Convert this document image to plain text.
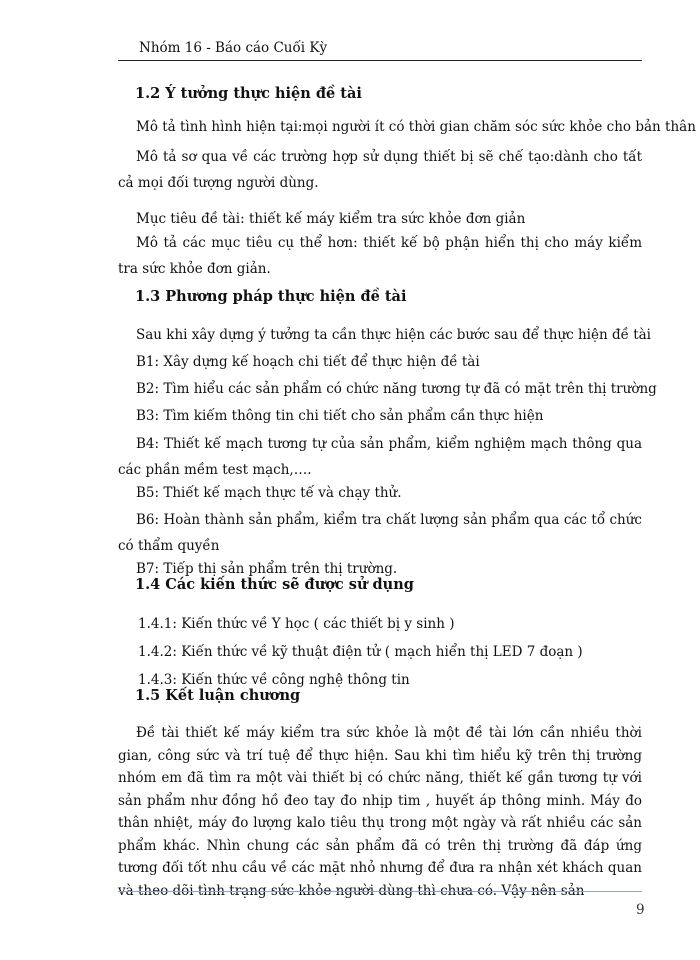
Nhóm 16 - Báo cáo Cuối Kỳ
1.2 Ý tưởng thực hiện đề tài
Mô tả tình hình hiện tại:mọi người ít có thời gian chăm sóc sức khỏe cho bản thân
Mô tả sơ qua về các trường hợp sử dụng thiết bị sẽ chế tạo:dành cho tất cả mọi đối tượng người dùng.
Mục tiêu đề tài: thiết kế máy kiểm tra sức khỏe đơn giản
Mô tả các mục tiêu cụ thể hơn: thiết kế bộ phận hiển thị cho máy kiểm tra sức khỏe đơn giản.
1.3 Phương pháp thực hiện đề tài
Sau khi xây dựng ý tưởng ta cần thực hiện các bước sau để thực hiện đề tài
B1: Xây dựng kế hoạch chi tiết để thực hiện đề tài
B2: Tìm hiểu các sản phẩm có chức năng tương tự đã có mặt trên thị trường
B3: Tìm kiếm thông tin chi tiết cho sản phẩm cần thực hiện
B4: Thiết kế mạch tương tự của sản phẩm, kiểm nghiệm mạch thông qua các phần mềm test mạch,….
B5: Thiết kế mạch thực tế và chạy thử.
B6: Hoàn thành sản phẩm, kiểm tra chất lượng sản phẩm qua các tổ chức có thẩm quyền
B7: Tiếp thị sản phẩm trên thị trường.
1.4 Các kiến thức sẽ được sử dụng
1.4.1: Kiến thức về Y học ( các thiết bị y sinh )
1.4.2: Kiến thức về kỹ thuật điện tử ( mạch hiển thị LED 7 đoạn )
1.4.3: Kiến thức về công nghệ thông tin
1.5 Kết luận chương
Đề tài thiết kế máy kiểm tra sức khỏe là một đề tài lớn cần nhiều thời gian, công sức và trí tuệ để thực hiện. Sau khi tìm hiểu kỹ trên thị trường nhóm em đã tìm ra một vài thiết bị có chức năng, thiết kế gần tương tự với sản phẩm như đồng hồ đeo tay đo nhịp tim , huyết áp thông minh. Máy đo thân nhiệt, máy đo lượng kalo tiêu thụ trong một ngày và rất nhiều các sản phẩm khác. Nhìn chung các sản phẩm đã có trên thị trường đã đáp ứng tương đối tốt nhu cầu về các mặt nhỏ nhưng để đưa ra nhận xét khách quan và theo dõi tình trạng sức khỏe người dùng thì chưa có. Vậy nên sản
9
